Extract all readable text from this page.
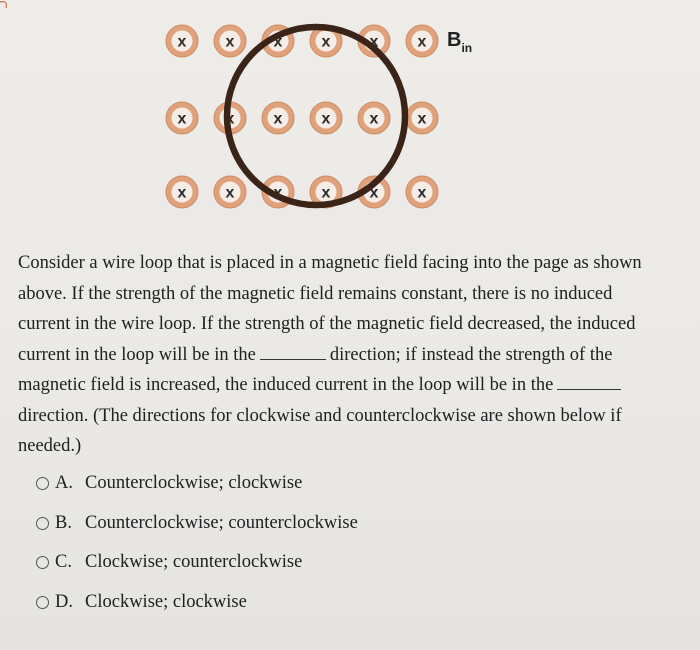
x x x x x x
x x x x x x
x x x x x x
$B_{in}$

Consider a wire loop that is placed in a magnetic field facing into the page as shown above. If the strength of the magnetic field remains constant, there is no induced current in the wire loop. If the strength of the magnetic field decreased, the induced current in the loop will be in the	direction; if instead the strength of the magnetic field is increased, the induced current in the loop will be in thedirection. (The directions for clockwise and counterclockwise are shown below if needed.)

A. Counterclockwise; clockwise
B. Counterclockwise; counterclockwise
C. Clockwise; counterclockwise
D. Clockwise; clockwise
